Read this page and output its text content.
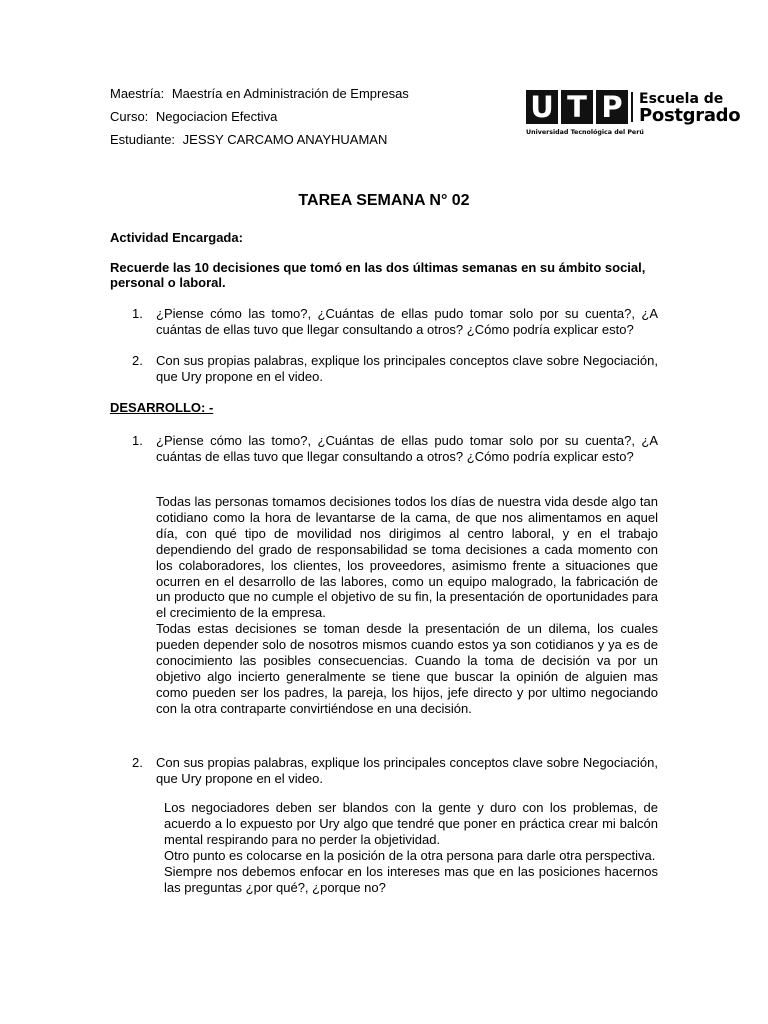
Maestría: Maestría en Administración de Empresas
Curso: Negociacion Efectiva
Estudiante: JESSY CARCAMO ANAYHUAMAN
U T P	Escuela de
Postgrado
Universidad Tecnológica del Perú
TAREA SEMANA N° 02
Actividad Encargada:
Recuerde las 10 decisiones que tomó en las dos últimas semanas en su ámbito social, personal o laboral.
1. ¿Piense cómo las tomo?, ¿Cuántas de ellas pudo tomar solo por su cuenta?, ¿A cuántas de ellas tuvo que llegar consultando a otros? ¿Cómo podría explicar esto?
2. Con sus propias palabras, explique los principales conceptos clave sobre Negociación, que Ury propone en el video.
DESARROLLO: -
1. ¿Piense cómo las tomo?, ¿Cuántas de ellas pudo tomar solo por su cuenta?, ¿A cuántas de ellas tuvo que llegar consultando a otros? ¿Cómo podría explicar esto?

Todas las personas tomamos decisiones todos los días de nuestra vida desde algo tan cotidiano como la hora de levantarse de la cama, de que nos alimentamos en aquel día, con qué tipo de movilidad nos dirigimos al centro laboral, y en el trabajo dependiendo del grado de responsabilidad se toma decisiones a cada momento con los colaboradores, los clientes, los proveedores, asimismo frente a situaciones que ocurren en el desarrollo de las labores, como un equipo malogrado, la fabricación de un producto que no cumple el objetivo de su fin, la presentación de oportunidades para el crecimiento de la empresa.

Todas estas decisiones se toman desde la presentación de un dilema, los cuales pueden depender solo de nosotros mismos cuando estos ya son cotidianos y ya es de conocimiento las posibles consecuencias. Cuando la toma de decisión va por un objetivo algo incierto generalmente se tiene que buscar la opinión de alguien mas como pueden ser los padres, la pareja, los hijos, jefe directo y por ultimo negociando con la otra contraparte convirtiéndose en una decisión.

2. Con sus propias palabras, explique los principales conceptos clave sobre Negociación, que Ury propone en el video.

Los negociadores deben ser blandos con la gente y duro con los problemas, de acuerdo a lo expuesto por Ury algo que tendré que poner en práctica crear mi balcón mental respirando para no perder la objetividad.

Otro punto es colocarse en la posición de la otra persona para darle otra perspectiva.

Siempre nos debemos enfocar en los intereses mas que en las posiciones hacernos las preguntas ¿por qué?, ¿porque no?
